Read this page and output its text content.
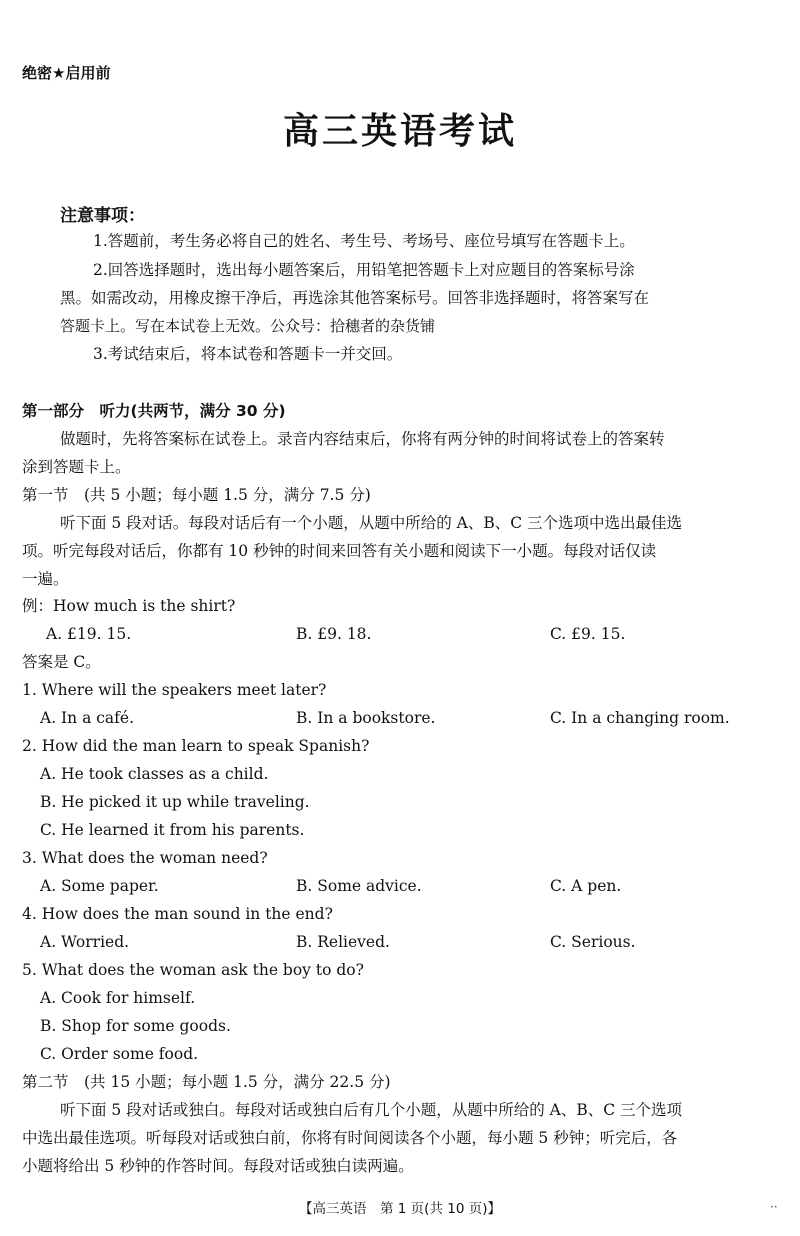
绝密★启用前
高三英语考试
注意事项：
1.答题前，考生务必将自己的姓名、考生号、考场号、座位号填写在答题卡上。
2.回答选择题时，选出每小题答案后，用铅笔把答题卡上对应题目的答案标号涂
黑。如需改动，用橡皮擦干净后，再选涂其他答案标号。回答非选择题时，将答案写在
答题卡上。写在本试卷上无效。公众号：拾穗者的杂货铺
3.考试结束后，将本试卷和答题卡一并交回。
第一部分　听力(共两节，满分 30 分)
做题时，先将答案标在试卷上。录音内容结束后，你将有两分钟的时间将试卷上的答案转
涂到答题卡上。
第一节　(共 5 小题；每小题 1.5 分，满分 7.5 分)
听下面 5 段对话。每段对话后有一个小题，从题中所给的 A、B、C 三个选项中选出最佳选
项。听完每段对话后，你都有 10 秒钟的时间来回答有关小题和阅读下一小题。每段对话仅读
一遍。
例：How much is the shirt?
A. £19. 15.	B. £9. 18.	C. £9. 15.
答案是 C。
1. Where will the speakers meet later?
A. In a café.	B. In a bookstore.	C. In a changing room.
2. How did the man learn to speak Spanish?
A. He took classes as a child.
B. He picked it up while traveling.
C. He learned it from his parents.
3. What does the woman need?
A. Some paper.	B. Some advice.	C. A pen.
4. How does the man sound in the end?
A. Worried.	B. Relieved.	C. Serious.
5. What does the woman ask the boy to do?
A. Cook for himself.
B. Shop for some goods.
C. Order some food.
第二节　(共 15 小题；每小题 1.5 分，满分 22.5 分)
听下面 5 段对话或独白。每段对话或独白后有几个小题，从题中所给的 A、B、C 三个选项
中选出最佳选项。听每段对话或独白前，你将有时间阅读各个小题，每小题 5 秒钟；听完后，各
小题将给出 5 秒钟的作答时间。每段对话或独白读两遍。
【高三英语　第 1 页(共 10 页)】	··
